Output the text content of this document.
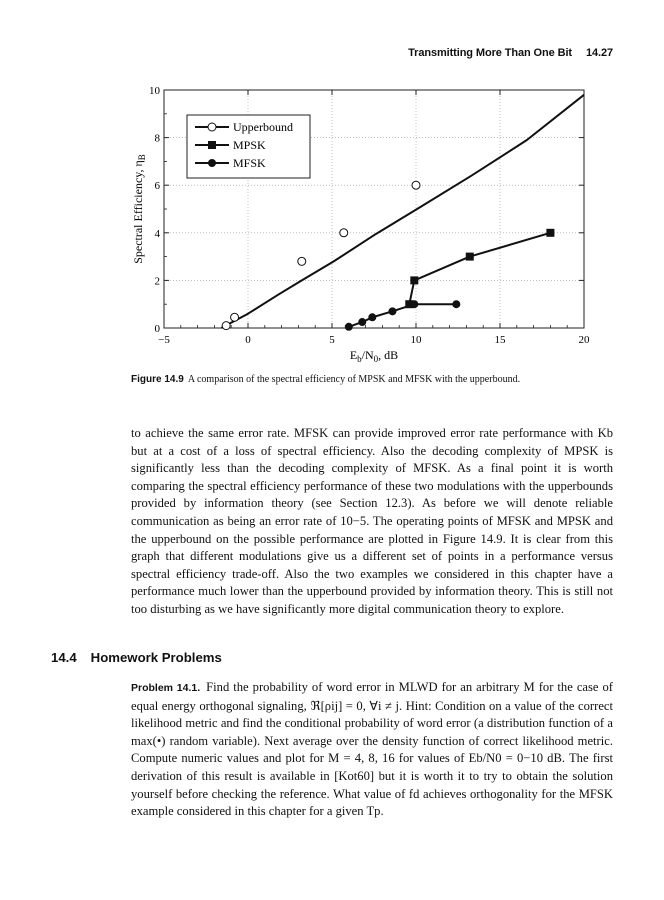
Transmitting More Than One Bit 14.27
−5	0	5	10	15	20
0
2
4
6
8
10
Upperbound
MPSK
MFSK
$E_b/N_0$, dB
Spectral Efficiency, $\eta_B$
Figure 14.9 A comparison of the spectral efficiency of MPSK and MFSK with the upperbound.

to achieve the same error rate. MFSK can provide improved error rate performance with Kb but at a cost of a loss of spectral efficiency. Also the decoding complexity of MPSK is significantly less than the decoding complexity of MFSK. As a final point it is worth comparing the spectral efficiency performance of these two modulations with the upperbounds provided by information theory (see Section 12.3). As before we will denote reliable communication as being an error rate of 10−5. The operating points of MFSK and MPSK and the upperbound on the possible performance are plotted in Figure 14.9. It is clear from this graph that different modulations give us a different set of points in a performance versus spectral efficiency trade-off. Also the two examples we considered in this chapter have a performance much lower than the upperbound provided by information theory. This is still not too disturbing as we have significantly more digital communication theory to explore.

14.4 Homework Problems

Problem 14.1. Find the probability of word error in MLWD for an arbitrary M for the case of equal energy orthogonal signaling, ℜ[ρij] = 0, ∀i ≠ j. Hint: Condition on a value of the correct likelihood metric and find the conditional probability of word error (a distribution function of a max(•) random variable). Next average over the density function of correct likelihood metric. Compute numeric values and plot for M = 4, 8, 16 for values of Eb/N0 = 0−10 dB. The first derivation of this result is available in [Kot60] but it is worth it to try to obtain the solution yourself before checking the reference. What value of fd achieves orthogonality for the MFSK example considered in this chapter for a given Tp.
